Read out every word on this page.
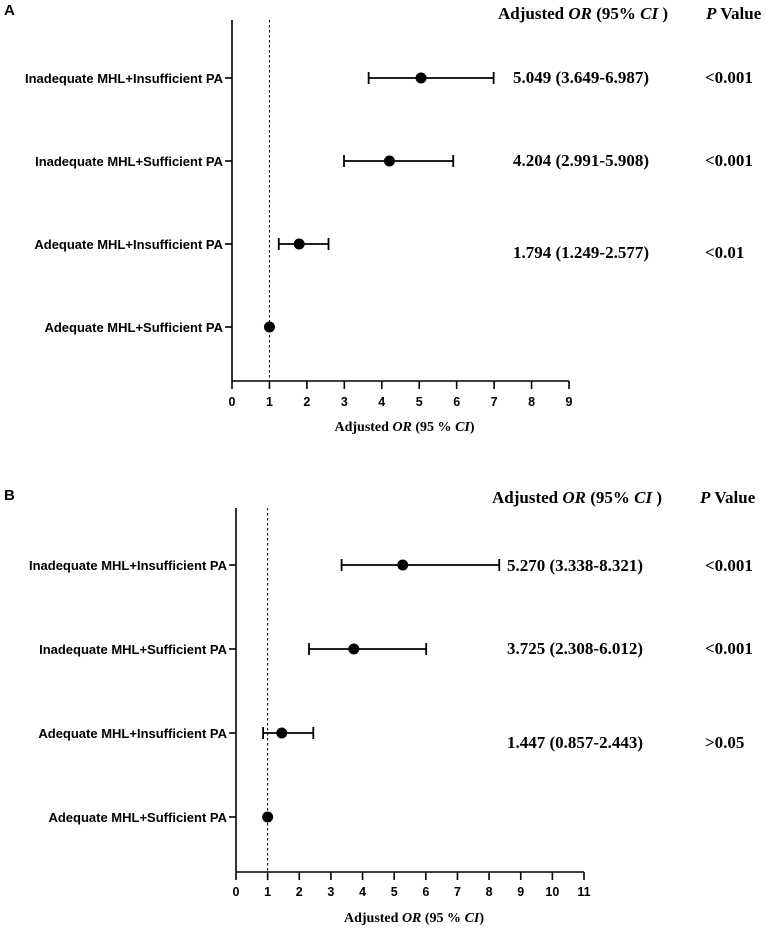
A	Adjusted OR (95% CI ) P Value
0 1 2 3 4 5 6 7 8 9
Adjusted OR (95 % CI)
Inadequate MHL+Insufficient PA	5.049 (3.649-6.987)	<0.001
Inadequate MHL+Sufficient PA	4.204 (2.991-5.908)	<0.001
Adequate MHL+Insufficient PA	1.794 (1.249-2.577)	<0.01
Adequate MHL+Sufficient PA
B	Adjusted OR (95% CI ) P Value
0 1 2 3 4 5 6 7 8 9 10 11
Adjusted OR (95 % CI)
Inadequate MHL+Insufficient PA	5.270 (3.338-8.321)	<0.001
Inadequate MHL+Sufficient PA	3.725 (2.308-6.012)	<0.001
Adequate MHL+Insufficient PA	1.447 (0.857-2.443)	>0.05
Adequate MHL+Sufficient PA
